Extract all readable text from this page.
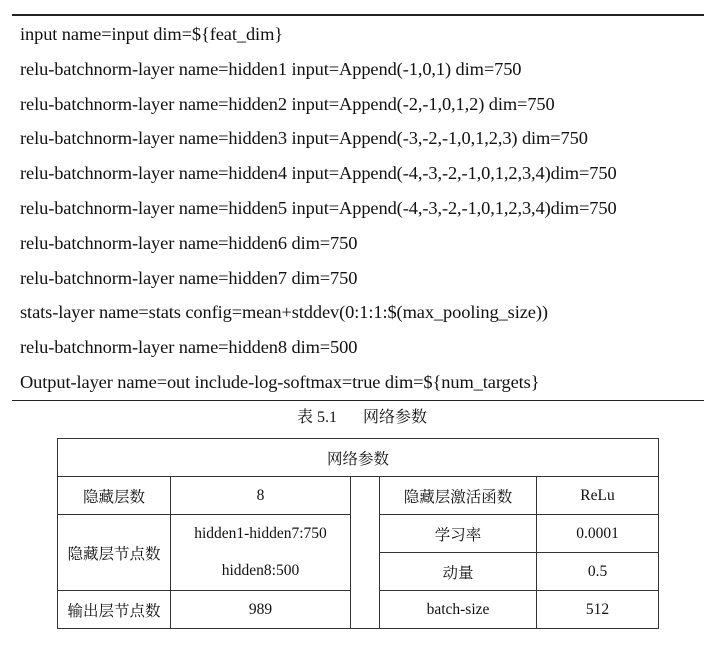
input name=input dim=${feat_dim}
relu-batchnorm-layer name=hidden1 input=Append(-1,0,1) dim=750
relu-batchnorm-layer name=hidden2 input=Append(-2,-1,0,1,2) dim=750
relu-batchnorm-layer name=hidden3 input=Append(-3,-2,-1,0,1,2,3) dim=750
relu-batchnorm-layer name=hidden4 input=Append(-4,-3,-2,-1,0,1,2,3,4)dim=750
relu-batchnorm-layer name=hidden5 input=Append(-4,-3,-2,-1,0,1,2,3,4)dim=750
relu-batchnorm-layer name=hidden6 dim=750
relu-batchnorm-layer name=hidden7 dim=750
stats-layer name=stats config=mean+stddev(0:1:1:$(max_pooling_size))
relu-batchnorm-layer name=hidden8 dim=500
Output-layer name=out include-log-softmax=true dim=${num_targets}
表 5.1 网络参数
网络参数				
隐藏层数	8		隐藏层激活函数	ReLu
隐藏层节点数	hidden1-hidden7:750		学习率	0.0001
	hidden8:500		动量	0.5
输出层节点数	989		batch-size	512
